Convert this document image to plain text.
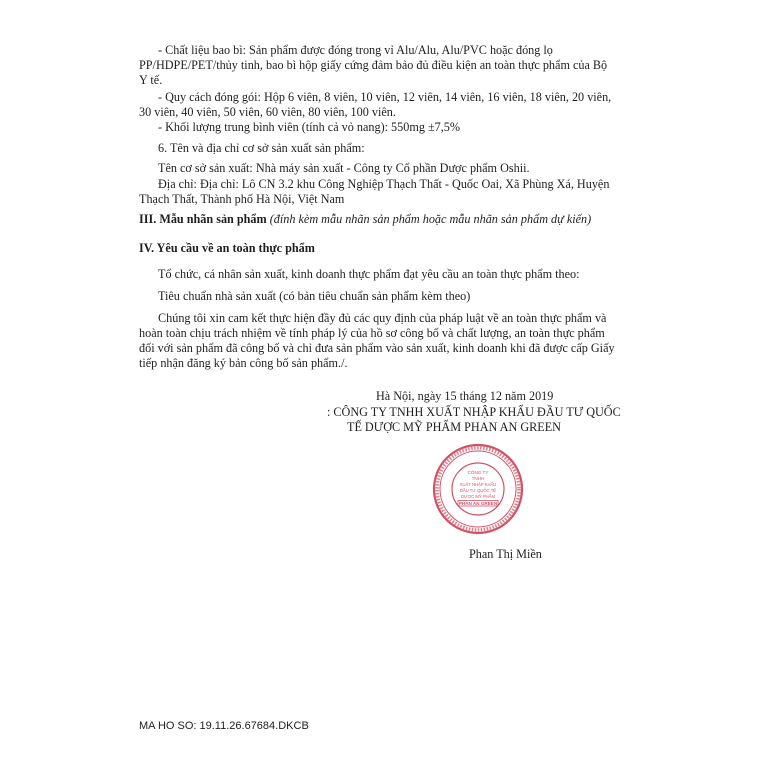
- Chất liệu bao bì: Sản phẩm được đóng trong vỉ Alu/Alu, Alu/PVC hoặc đóng lọ
PP/HDPE/PET/thủy tinh, bao bì hộp giấy cứng đảm bảo đủ điều kiện an toàn thực phẩm của Bộ
Y tế.
- Quy cách đóng gói: Hộp 6 viên, 8 viên, 10 viên, 12 viên, 14 viên, 16 viên, 18 viên, 20 viên,
30 viên, 40 viên, 50 viên, 60 viên, 80 viên, 100 viên.
- Khối lượng trung bình viên (tính cả vỏ nang): 550mg ±7,5%
6. Tên và địa chỉ cơ sở sản xuất sản phẩm:
Tên cơ sở sản xuất: Nhà máy sản xuất - Công ty Cổ phần Dược phẩm Oshii.
Địa chỉ: Địa chỉ: Lô CN 3.2 khu Công Nghiệp Thạch Thất - Quốc Oai, Xã Phùng Xá, Huyện
Thạch Thất, Thành phố Hà Nội, Việt Nam
III. Mẫu nhãn sản phẩm (đính kèm mẫu nhãn sản phẩm hoặc mẫu nhãn sản phẩm dự kiến)
IV. Yêu cầu về an toàn thực phẩm
Tổ chức, cá nhân sản xuất, kinh doanh thực phẩm đạt yêu cầu an toàn thực phẩm theo:
Tiêu chuẩn nhà sản xuất (có bản tiêu chuẩn sản phẩm kèm theo)
Chúng tôi xin cam kết thực hiện đầy đủ các quy định của pháp luật về an toàn thực phẩm và
hoàn toàn chịu trách nhiệm về tính pháp lý của hồ sơ công bố và chất lượng, an toàn thực phẩm
đối với sản phẩm đã công bố và chỉ đưa sản phẩm vào sản xuất, kinh doanh khi đã được cấp Giấy
tiếp nhận đăng ký bản công bố sản phẩm./.
Hà Nội, ngày 15 tháng 12 năm 2019
: CÔNG TY TNHH XUẤT NHẬP KHẨU ĐẦU TƯ QUỐC
TẾ DƯỢC MỸ PHẨM PHAN AN GREEN
CÔNG TY
TNHH
XUẤT NHẬP KHẨU
ĐẦU TƯ QUỐC TẾ
DƯỢC MỸ PHẨM
PHAN AN GREEN
Phan Thị Miền
MA HO SO: 19.11.26.67684.DKCB
